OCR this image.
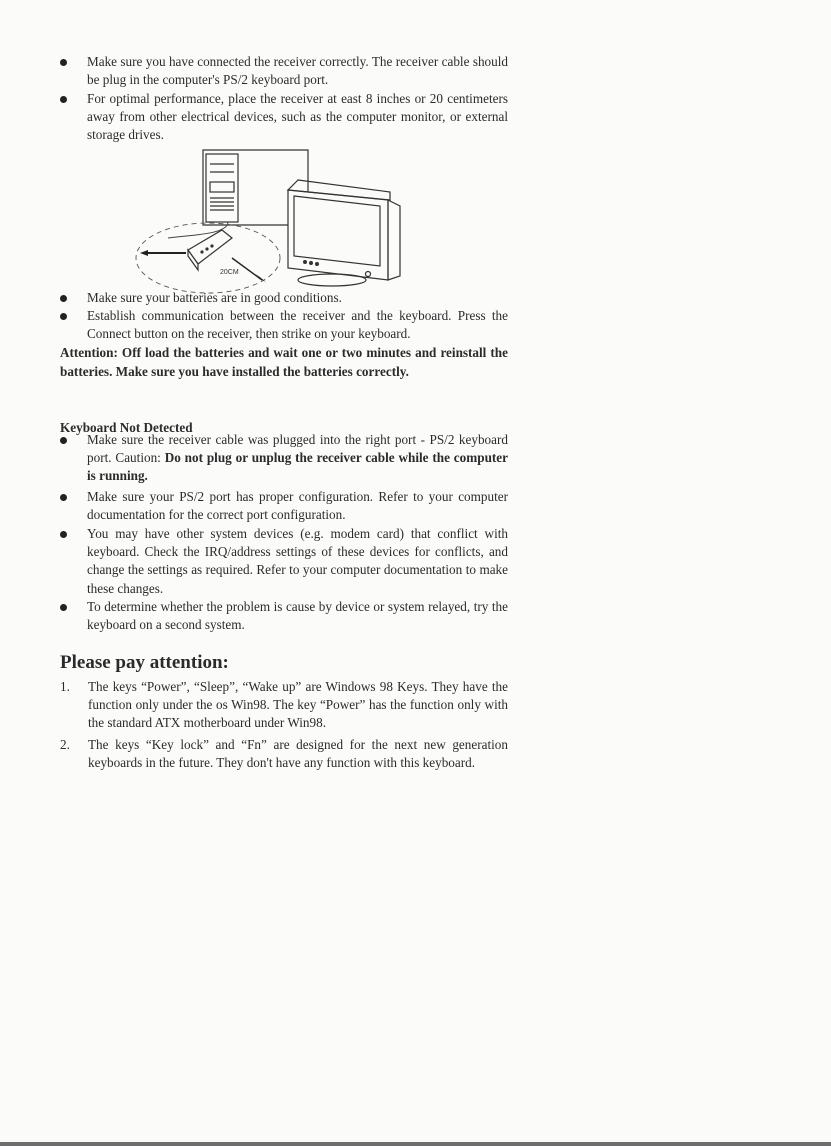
Make sure you have connected the receiver correctly. The receiver cable should be plug in the computer's PS/2 keyboard port.
For optimal performance, place the receiver at east 8 inches or 20 centimeters away from other electrical devices, such as the computer monitor, or external storage drives.
20CM
Make sure your batteries are in good conditions.
Establish communication between the receiver and the keyboard. Press the Connect button on the receiver, then strike on your keyboard.
Attention: Off load the batteries and wait one or two minutes and reinstall the batteries. Make sure you have installed the batteries correctly.
Keyboard Not Detected
Make sure the receiver cable was plugged into the right port - PS/2 keyboard port. Caution: Do not plug or unplug the receiver cable while the computer is running.
Make sure your PS/2 port has proper configuration. Refer to your computer documentation for the correct port configuration.
You may have other system devices (e.g. modem card) that conflict with keyboard. Check the IRQ/address settings of these devices for conflicts, and change the settings as required. Refer to your computer documentation to make these changes.
To determine whether the problem is cause by device or system relayed, try the keyboard on a second system.
Please pay attention:
1. The keys “Power”, “Sleep”, “Wake up” are Windows 98 Keys. They have the function only under the os Win98. The key “Power” has the function only with the standard ATX motherboard under Win98.
2. The keys “Key lock” and “Fn” are designed for the next new generation keyboards in the future. They don't have any function with this keyboard.
